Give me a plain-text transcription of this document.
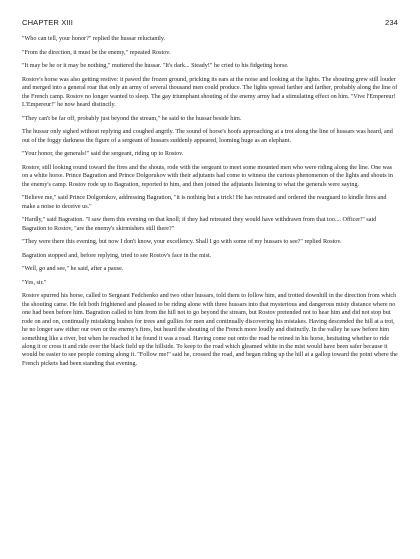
CHAPTER XIII	234

"Who can tell, your honor?" replied the hussar reluctantly.

"From the direction, it must be the enemy," repeated Rostov.

"It may be he or it may be nothing," muttered the hussar. "It's dark... Steady!" he cried to his fidgeting horse.

Rostov's horse was also getting restive: it pawed the frozen ground, pricking its ears at the noise and looking at the lights. The shouting grew still louder and merged into a general roar that only an army of several thousand men could produce. The lights spread farther and farther, probably along the line of the French camp. Rostov no longer wanted to sleep. The gay triumphant shouting of the enemy army had a stimulating effect on him. "Vive l'Empereur! L'Empereur!" he now heard distinctly.

"They can't be far off, probably just beyond the stream," he said to the hussar beside him.

The hussar only sighed without replying and coughed angrily. The sound of horse's hoofs approaching at a trot along the line of hussars was heard, and out of the foggy darkness the figure of a sergeant of hussars suddenly appeared, looming huge as an elephant.

"Your honor, the generals!" said the sergeant, riding up to Rostov.

Rostov, still looking round toward the fires and the shouts, rode with the sergeant to meet some mounted men who were riding along the line. One was on a white horse. Prince Bagration and Prince Dolgorukov with their adjutants had come to witness the curious phenomenon of the lights and shouts in the enemy's camp. Rostov rode up to Bagration, reported to him, and then joined the adjutants listening to what the generals were saying.

"Believe me," said Prince Dolgorukov, addressing Bagration, "it is nothing but a trick! He has retreated and ordered the rearguard to kindle fires and make a noise to deceive us."

"Hardly," said Bagration. "I saw them this evening on that knoll; if they had retreated they would have withdrawn from that too.... Officer!" said Bagration to Rostov, "are the enemy's skirmishers still there?"

"They were there this evening, but now I don't know, your excellency. Shall I go with some of my hussars to see?" replied Rostov.

Bagration stopped and, before replying, tried to see Rostov's face in the mist.

"Well, go and see," he said, after a pause.

"Yes, sir."

Rostov spurred his horse, called to Sergeant Fedchenko and two other hussars, told them to follow him, and trotted downhill in the direction from which the shouting came. He felt both frightened and pleased to be riding alone with three hussars into that mysterious and dangerous misty distance where no one had been before him. Bagration called to him from the hill not to go beyond the stream, but Rostov pretended not to hear him and did not stop but rode on and on, continually mistaking bushes for trees and gullies for men and continually discovering his mistakes. Having descended the hill at a trot, he no longer saw either our own or the enemy's fires, but heard the shouting of the French more loudly and distinctly. In the valley he saw before him something like a river, but when he reached it he found it was a road. Having come out onto the road he reined in his horse, hesitating whether to ride along it or cross it and ride over the black field up the hillside. To keep to the road which gleamed white in the mist would have been safer because it would be easier to see people coming along it. "Follow me!" said he, crossed the road, and began riding up the hill at a gallop toward the point where the French pickets had been standing that evening.
